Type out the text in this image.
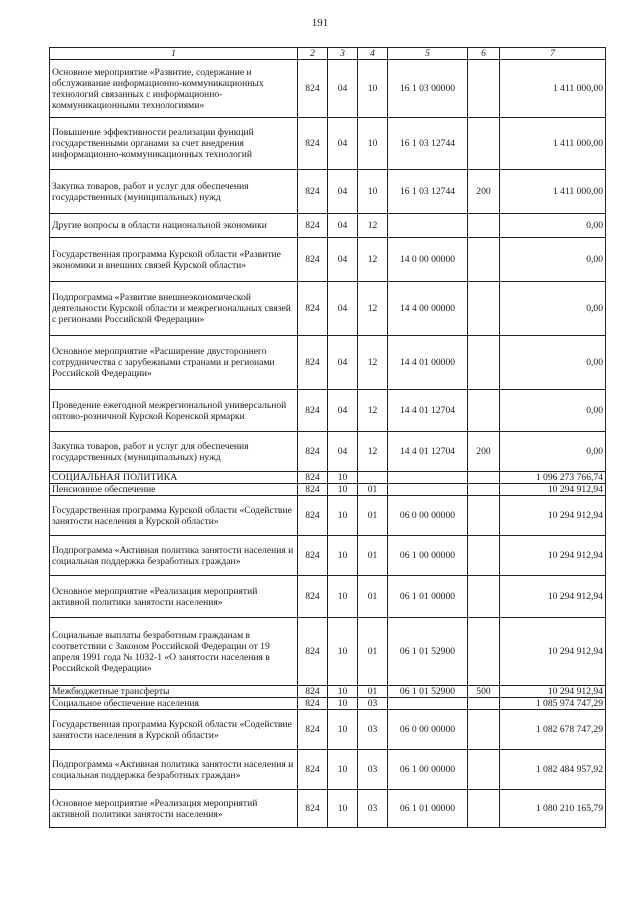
191
1	2	3	4	5	6	7
Основное мероприятие «Развитие, содержание и обслуживание информационно-коммуникационных технологий связанных с информационно-коммуникационными технологиями»	824	04	10	16 1 03 00000		1 411 000,00
Повышение эффективности реализации функций государственными органами за счет внедрения информационно-коммуникационных технологий	824	04	10	16 1 03 12744		1 411 000,00
Закупка товаров, работ и услуг для обеспечения государственных (муниципальных) нужд	824	04	10	16 1 03 12744	200	1 411 000,00
Другие вопросы в области национальной экономики	824	04	12			0,00
Государственная программа Курской области «Развитие экономики и внешних связей Курской области»	824	04	12	14 0 00 00000		0,00
Подпрограмма «Развитие внешнеэкономической деятельности Курской области и межрегиональных связей с регионами Российской Федерации»	824	04	12	14 4 00 00000		0,00
Основное мероприятие «Расширение двустороннего сотрудничества с зарубежными странами и регионами Российской Федерации»	824	04	12	14 4 01 00000		0,00
Проведение ежегодной межрегиональной универсальной оптово-розничной Курской Коренской ярмарки	824	04	12	14 4 01 12704		0,00
Закупка товаров, работ и услуг для обеспечения государственных (муниципальных) нужд	824	04	12	14 4 01 12704	200	0,00
СОЦИАЛЬНАЯ ПОЛИТИКА	824	10				1 096 273 766,74
Пенсионное обеспечение	824	10	01			10 294 912,94
Государственная программа Курской области «Содействие занятости населения в Курской области»	824	10	01	06 0 00 00000		10 294 912,94
Подпрограмма «Активная политика занятости населения и социальная поддержка безработных граждан»	824	10	01	06 1 00 00000		10 294 912,94
Основное мероприятие «Реализация мероприятий активной политики занятости населения»	824	10	01	06 1 01 00000		10 294 912,94
Социальные выплаты безработным гражданам в соответствии с Законом Российской Федерации от 19 апреля 1991 года № 1032-1 «О занятости населения в Российской Федерации»	824	10	01	06 1 01 52900		10 294 912,94
Межбюджетные трансферты	824	10	01	06 1 01 52900	500	10 294 912,94
Социальное обеспечение населения	824	10	03			1 085 974 747,29
Государственная программа Курской области «Содействие занятости населения в Курской области»	824	10	03	06 0 00 00000		1 082 678 747,29
Подпрограмма «Активная политика занятости населения и социальная поддержка безработных граждан»	824	10	03	06 1 00 00000		1 082 484 957,92
Основное мероприятие «Реализация мероприятий активной политики занятости населения»	824	10	03	06 1 01 00000		1 080 210 165,79
